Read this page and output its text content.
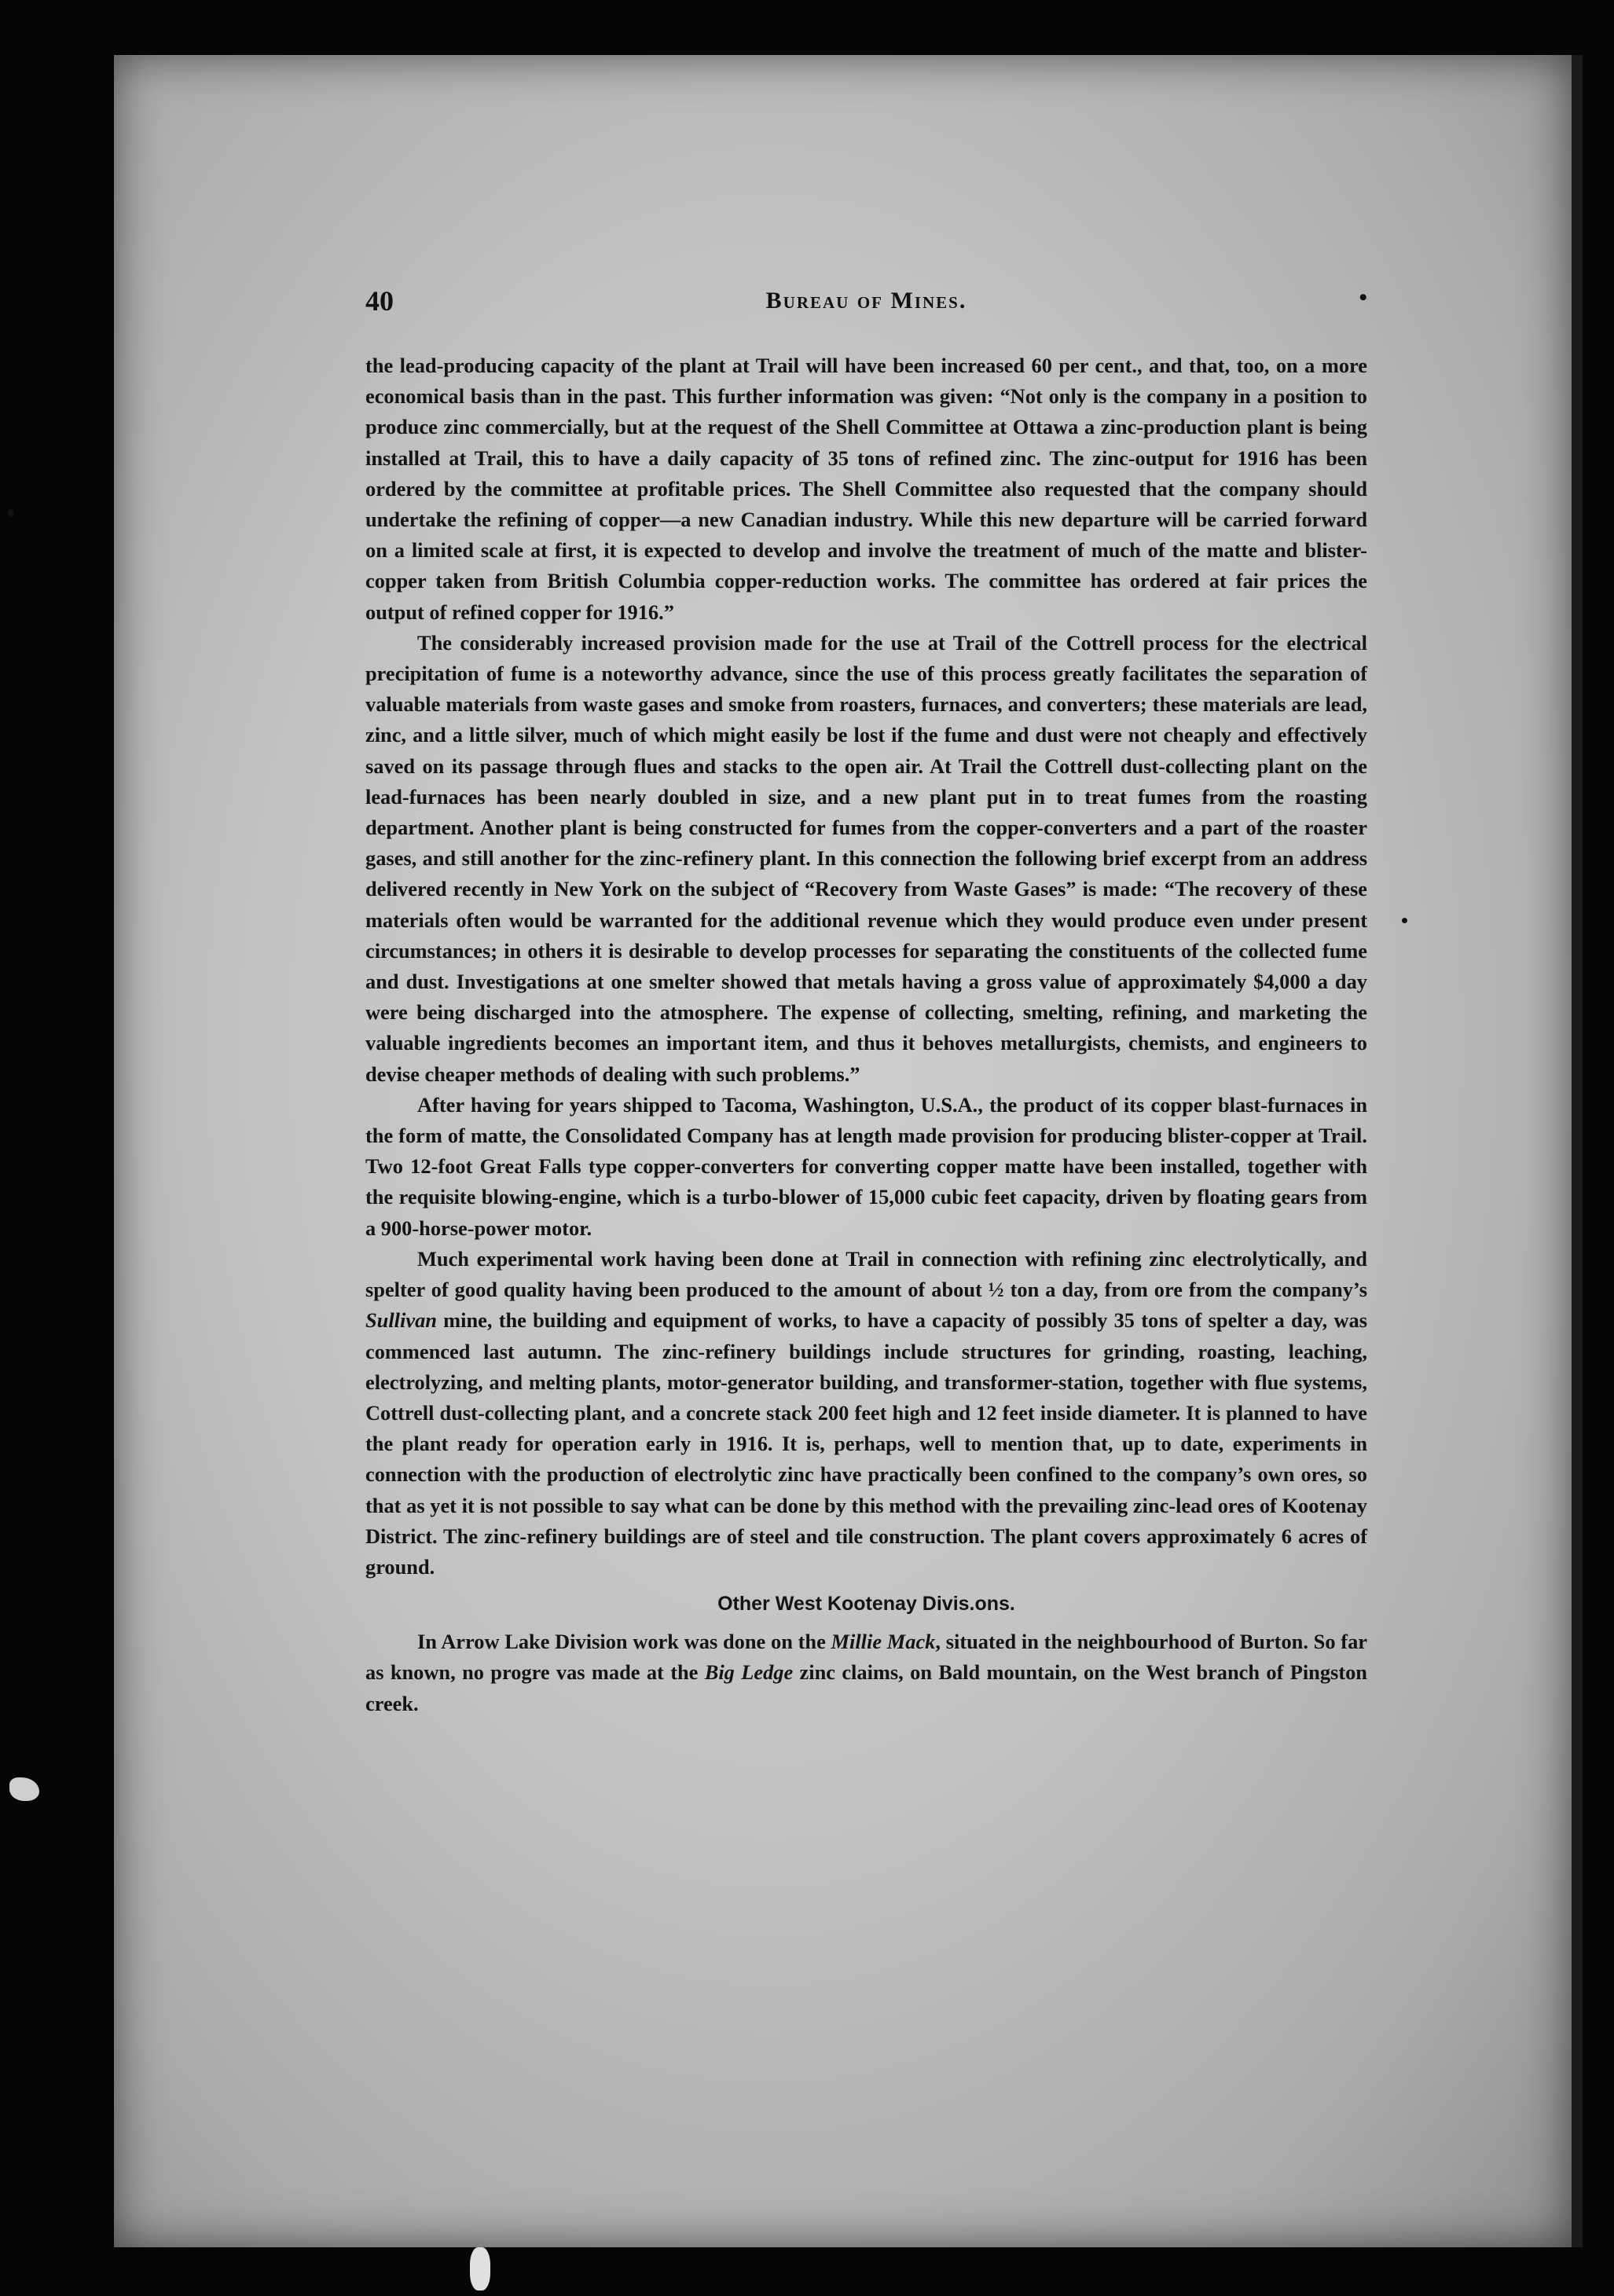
40	Bureau of Mines.	•

the lead-producing capacity of the plant at Trail will have been increased 60 per cent., and that, too, on a more economical basis than in the past. This further information was given: “Not only is the company in a position to produce zinc commercially, but at the request of the Shell Committee at Ottawa a zinc-production plant is being installed at Trail, this to have a daily capacity of 35 tons of refined zinc. The zinc-output for 1916 has been ordered by the committee at profitable prices. The Shell Committee also requested that the company should undertake the refining of copper—a new Canadian industry. While this new departure will be carried forward on a limited scale at first, it is expected to develop and involve the treatment of much of the matte and blister-copper taken from British Columbia copper-reduction works. The committee has ordered at fair prices the output of refined copper for 1916.”

The considerably increased provision made for the use at Trail of the Cottrell process for the electrical precipitation of fume is a noteworthy advance, since the use of this process greatly facilitates the separation of valuable materials from waste gases and smoke from roasters, furnaces, and converters; these materials are lead, zinc, and a little silver, much of which might easily be lost if the fume and dust were not cheaply and effectively saved on its passage through flues and stacks to the open air. At Trail the Cottrell dust-collecting plant on the lead-furnaces has been nearly doubled in size, and a new plant put in to treat fumes from the roasting department. Another plant is being constructed for fumes from the copper-converters and a part of the roaster gases, and still another for the zinc-refinery plant. In this connection the following brief excerpt from an address delivered recently in New York on the subject of “Recovery from Waste Gases” is made: “The recovery of these materials often would be warranted for the additional revenue which they would produce even under present circumstances; in others it is desirable to develop processes for separating the constituents of the collected fume and dust. Investigations at one smelter showed that metals having a gross value of approximately $4,000 a day were being discharged into the atmosphere. The expense of collecting, smelting, refining, and marketing the valuable ingredients becomes an important item, and thus it behoves metallurgists, chemists, and engineers to devise cheaper methods of dealing with such problems.”

After having for years shipped to Tacoma, Washington, U.S.A., the product of its copper blast-furnaces in the form of matte, the Consolidated Company has at length made provision for producing blister-copper at Trail. Two 12-foot Great Falls type copper-converters for converting copper matte have been installed, together with the requisite blowing-engine, which is a turbo-blower of 15,000 cubic feet capacity, driven by floating gears from a 900-horse-power motor.

Much experimental work having been done at Trail in connection with refining zinc electrolytically, and spelter of good quality having been produced to the amount of about ½ ton a day, from ore from the company’s Sullivan mine, the building and equipment of works, to have a capacity of possibly 35 tons of spelter a day, was commenced last autumn. The zinc-refinery buildings include structures for grinding, roasting, leaching, electrolyzing, and melting plants, motor-generator building, and transformer-station, together with flue systems, Cottrell dust-collecting plant, and a concrete stack 200 feet high and 12 feet inside diameter. It is planned to have the plant ready for operation early in 1916. It is, perhaps, well to mention that, up to date, experiments in connection with the production of electrolytic zinc have practically been confined to the company’s own ores, so that as yet it is not possible to say what can be done by this method with the prevailing zinc-lead ores of Kootenay District. The zinc-refinery buildings are of steel and tile construction. The plant covers approximately 6 acres of ground.

Other West Kootenay Divis.ons.

In Arrow Lake Division work was done on the Millie Mack, situated in the neighbourhood of Burton. So far as known, no progre vas made at the Big Ledge zinc claims, on Bald mountain, on the West branch of Pingston creek.
